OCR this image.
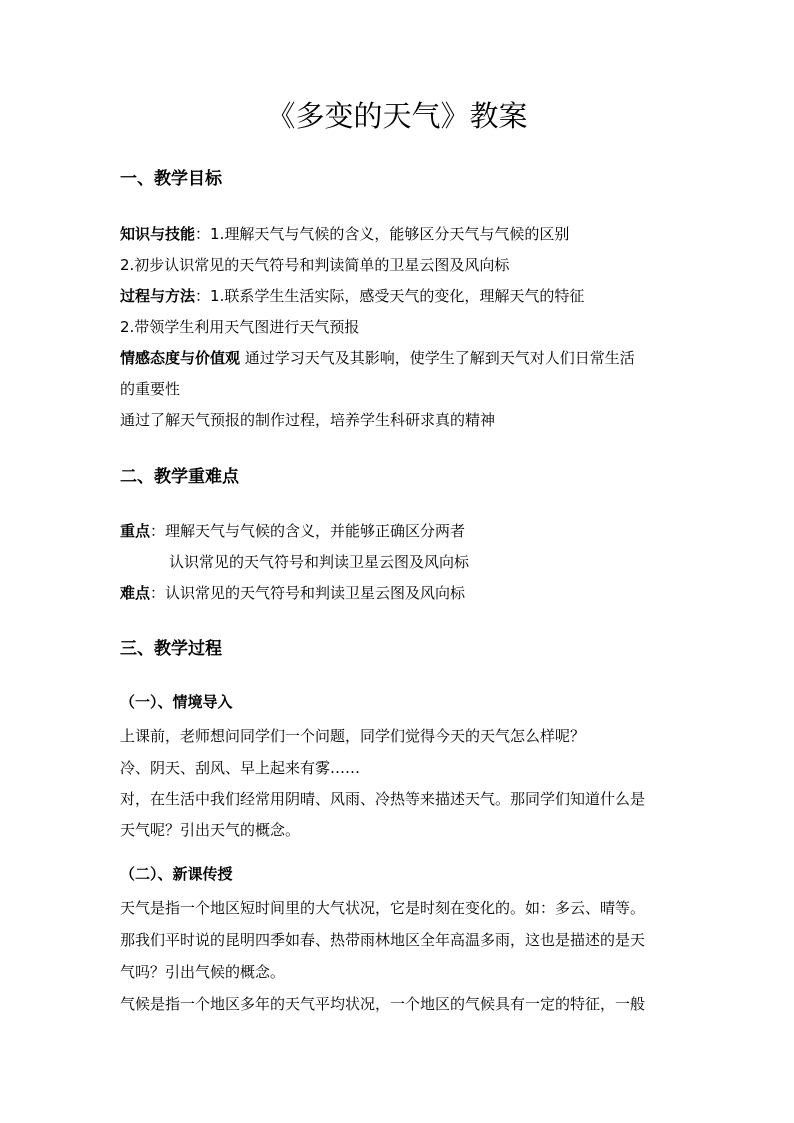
《多变的天气》教案
一、教学目标
知识与技能：1.理解天气与气候的含义，能够区分天气与气候的区别
2.初步认识常见的天气符号和判读简单的卫星云图及风向标
过程与方法：1.联系学生生活实际，感受天气的变化，理解天气的特征
2.带领学生利用天气图进行天气预报
情感态度与价值观 通过学习天气及其影响，使学生了解到天气对人们日常生活
的重要性
通过了解天气预报的制作过程，培养学生科研求真的精神
二、教学重难点
重点：理解天气与气候的含义，并能够正确区分两者
认识常见的天气符号和判读卫星云图及风向标
难点：认识常见的天气符号和判读卫星云图及风向标
三、教学过程
（一）、情境导入
上课前，老师想问同学们一个问题，同学们觉得今天的天气怎么样呢？
冷、阴天、刮风、早上起来有雾……
对，在生活中我们经常用阴晴、风雨、冷热等来描述天气。那同学们知道什么是
天气呢？引出天气的概念。
（二）、新课传授
天气是指一个地区短时间里的大气状况，它是时刻在变化的。如：多云、晴等。
那我们平时说的昆明四季如春、热带雨林地区全年高温多雨，这也是描述的是天
气吗？引出气候的概念。
气候是指一个地区多年的天气平均状况，一个地区的气候具有一定的特征，一般
